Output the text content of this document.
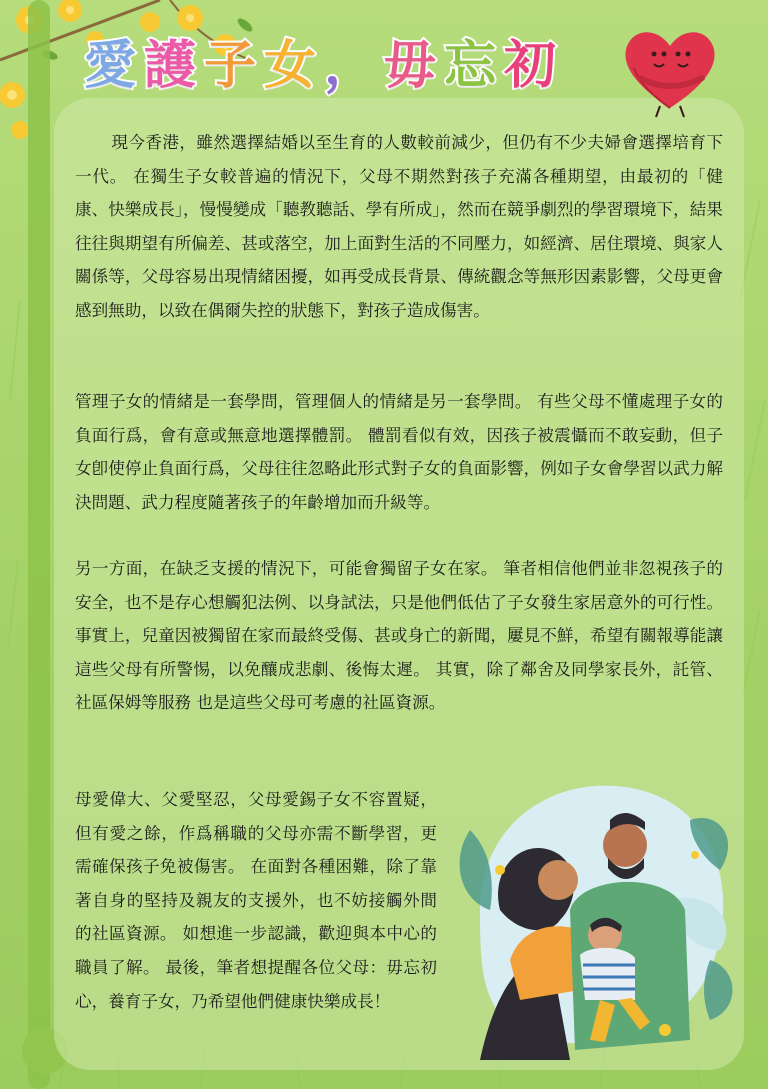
愛 護 子 女 ， 毋 忘 初

現今香港，雖然選擇結婚以至生育的人數較前減少，但仍有不少夫婦會選擇培育下一代。 在獨生子女較普遍的情況下，父母不期然對孩子充滿各種期望，由最初的「健康、快樂成長」，慢慢變成「聽教聽話、學有所成」，然而在競爭劇烈的學習環境下，結果往往與期望有所偏差、甚或落空，加上面對生活的不同壓力，如經濟、居住環境、與家人關係等，父母容易出現情緒困擾，如再受成長背景、傳統觀念等無形因素影響，父母更會感到無助，以致在偶爾失控的狀態下，對孩子造成傷害。

管理子女的情緒是一套學問，管理個人的情緒是另一套學問。 有些父母不懂處理子女的負面行爲，會有意或無意地選擇體罰。 體罰看似有效，因孩子被震懾而不敢妄動，但子女卽使停止負面行爲，父母往往忽略此形式對子女的負面影響，例如子女會學習以武力解決問題、武力程度隨著孩子的年齡增加而升級等。

另一方面，在缺乏支援的情況下，可能會獨留子女在家。 筆者相信他們並非忽視孩子的安全，也不是存心想觸犯法例、以身試法，只是他們低估了子女發生家居意外的可行性。 事實上，兒童因被獨留在家而最終受傷、甚或身亡的新聞，屢見不鮮，希望有關報導能讓這些父母有所警惕，以免釀成悲劇、後悔太遲。 其實，除了鄰舍及同學家長外，託管、社區保姆等服務 也是這些父母可考慮的社區資源。

母愛偉大、父愛堅忍，父母愛錫子女不容置疑，但有愛之餘，作爲稱職的父母亦需不斷學習，更需確保孩子免被傷害。 在面對各種困難，除了靠著自身的堅持及親友的支援外，也不妨接觸外間的社區資源。 如想進一步認識，歡迎與本中心的職員了解。 最後，筆者想提醒各位父母：毋忘初心，養育子女，乃希望他們健康快樂成長！
